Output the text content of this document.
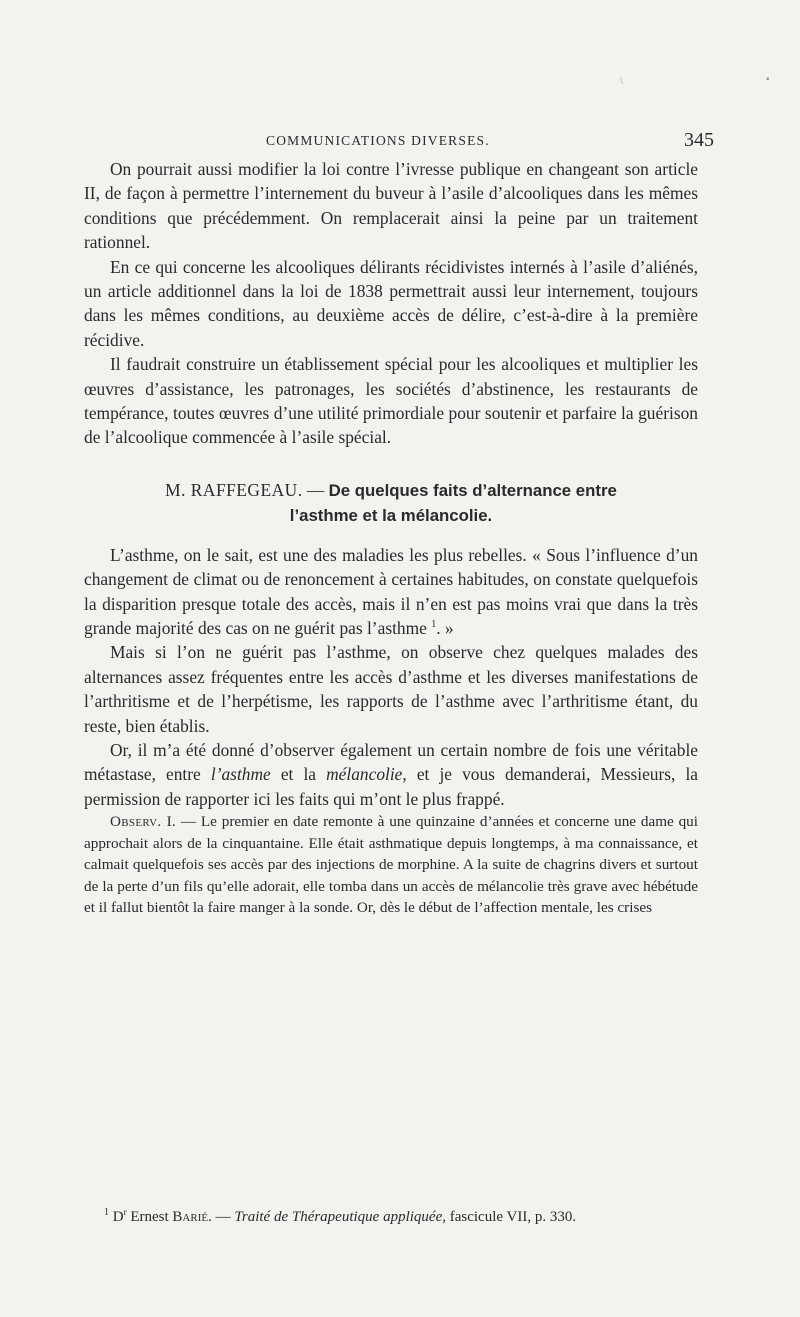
\	▪
COMMUNICATIONS DIVERSES.	345

On pourrait aussi modifier la loi contre l’ivresse publique en changeant son article II, de façon à permettre l’internement du buveur à l’asile d’alcooliques dans les mêmes conditions que précédemment. On remplacerait ainsi la peine par un traitement rationnel.

En ce qui concerne les alcooliques délirants récidivistes internés à l’asile d’aliénés, un article additionnel dans la loi de 1838 permettrait aussi leur internement, toujours dans les mêmes conditions, au deuxième accès de délire, c’est-à-dire à la première récidive.

Il faudrait construire un établissement spécial pour les alcooliques et multiplier les œuvres d’assistance, les patronages, les sociétés d’abstinence, les restaurants de tempérance, toutes œuvres d’une utilité primordiale pour soutenir et parfaire la guérison de l’alcoolique commencée à l’asile spécial.

M. RAFFEGEAU. — De quelques faits d’alternance entre
l’asthme et la mélancolie.

L’asthme, on le sait, est une des maladies les plus rebelles. « Sous l’influence d’un changement de climat ou de renoncement à certaines habitudes, on constate quelquefois la disparition presque totale des accès, mais il n’en est pas moins vrai que dans la très grande majorité des cas on ne guérit pas l’asthme $^1$. »

Mais si l’on ne guérit pas l’asthme, on observe chez quelques malades des alternances assez fréquentes entre les accès d’asthme et les diverses manifestations de l’arthritisme et de l’herpétisme, les rapports de l’asthme avec l’arthritisme étant, du reste, bien établis.

Or, il m’a été donné d’observer également un certain nombre de fois une véritable métastase, entre l’asthme et la mélancolie, et je vous demanderai, Messieurs, la permission de rapporter ici les faits qui m’ont le plus frappé.

Observ. I. — Le premier en date remonte à une quinzaine d’années et concerne une dame qui approchait alors de la cinquantaine. Elle était asthmatique depuis longtemps, à ma connaissance, et calmait quelquefois ses accès par des injections de morphine. A la suite de chagrins divers et surtout de la perte d’un fils qu’elle adorait, elle tomba dans un accès de mélancolie très grave avec hébétude et il fallut bientôt la faire manger à la sonde. Or, dès le début de l’affection mentale, les crises

$^1$ $D^r$ Ernest Barié. — Traité de Thérapeutique appliquée, fascicule VII, p. 330.
